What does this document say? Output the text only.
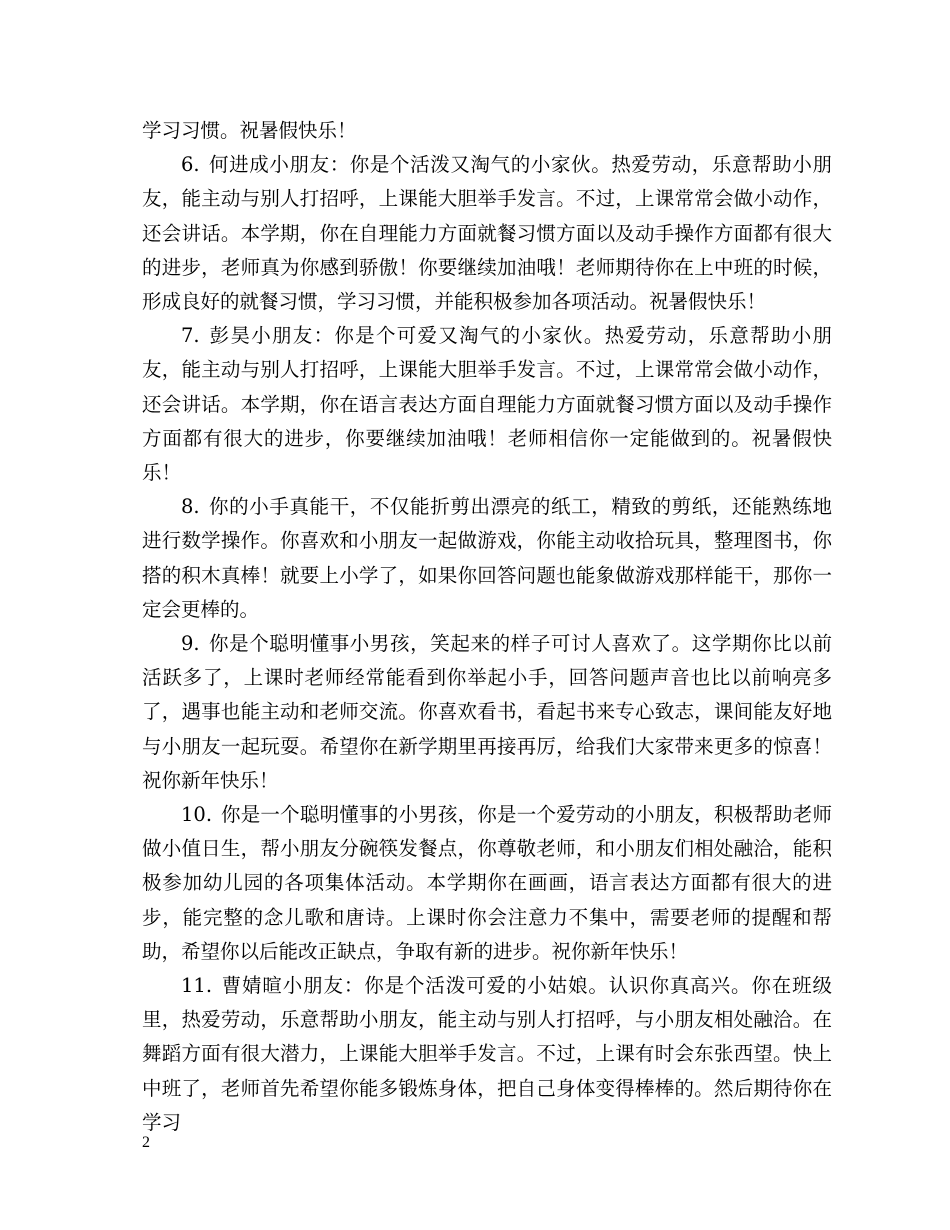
学习习惯。祝暑假快乐！

6. 何进成小朋友：你是个活泼又淘气的小家伙。热爱劳动，乐意帮助小朋友，能主动与别人打招呼，上课能大胆举手发言。不过，上课常常会做小动作，还会讲话。本学期，你在自理能力方面就餐习惯方面以及动手操作方面都有很大的进步，老师真为你感到骄傲！你要继续加油哦！老师期待你在上中班的时候，形成良好的就餐习惯，学习习惯，并能积极参加各项活动。祝暑假快乐！

7. 彭昊小朋友：你是个可爱又淘气的小家伙。热爱劳动，乐意帮助小朋友，能主动与别人打招呼，上课能大胆举手发言。不过，上课常常会做小动作，还会讲话。本学期，你在语言表达方面自理能力方面就餐习惯方面以及动手操作方面都有很大的进步，你要继续加油哦！老师相信你一定能做到的。祝暑假快乐！

8. 你的小手真能干，不仅能折剪出漂亮的纸工，精致的剪纸，还能熟练地进行数学操作。你喜欢和小朋友一起做游戏，你能主动收拾玩具，整理图书，你搭的积木真棒！就要上小学了，如果你回答问题也能象做游戏那样能干，那你一定会更棒的。

9. 你是个聪明懂事小男孩，笑起来的样子可讨人喜欢了。这学期你比以前活跃多了，上课时老师经常能看到你举起小手，回答问题声音也比以前响亮多了，遇事也能主动和老师交流。你喜欢看书，看起书来专心致志，课间能友好地与小朋友一起玩耍。希望你在新学期里再接再厉，给我们大家带来更多的惊喜！祝你新年快乐！

10. 你是一个聪明懂事的小男孩，你是一个爱劳动的小朋友，积极帮助老师做小值日生，帮小朋友分碗筷发餐点，你尊敬老师，和小朋友们相处融洽，能积极参加幼儿园的各项集体活动。本学期你在画画，语言表达方面都有很大的进步，能完整的念儿歌和唐诗。上课时你会注意力不集中，需要老师的提醒和帮助，希望你以后能改正缺点，争取有新的进步。祝你新年快乐！

11. 曹婧暄小朋友：你是个活泼可爱的小姑娘。认识你真高兴。你在班级里，热爱劳动，乐意帮助小朋友，能主动与别人打招呼，与小朋友相处融洽。在舞蹈方面有很大潜力，上课能大胆举手发言。不过，上课有时会东张西望。快上中班了，老师首先希望你能多锻炼身体，把自己身体变得棒棒的。然后期待你在学习

2
